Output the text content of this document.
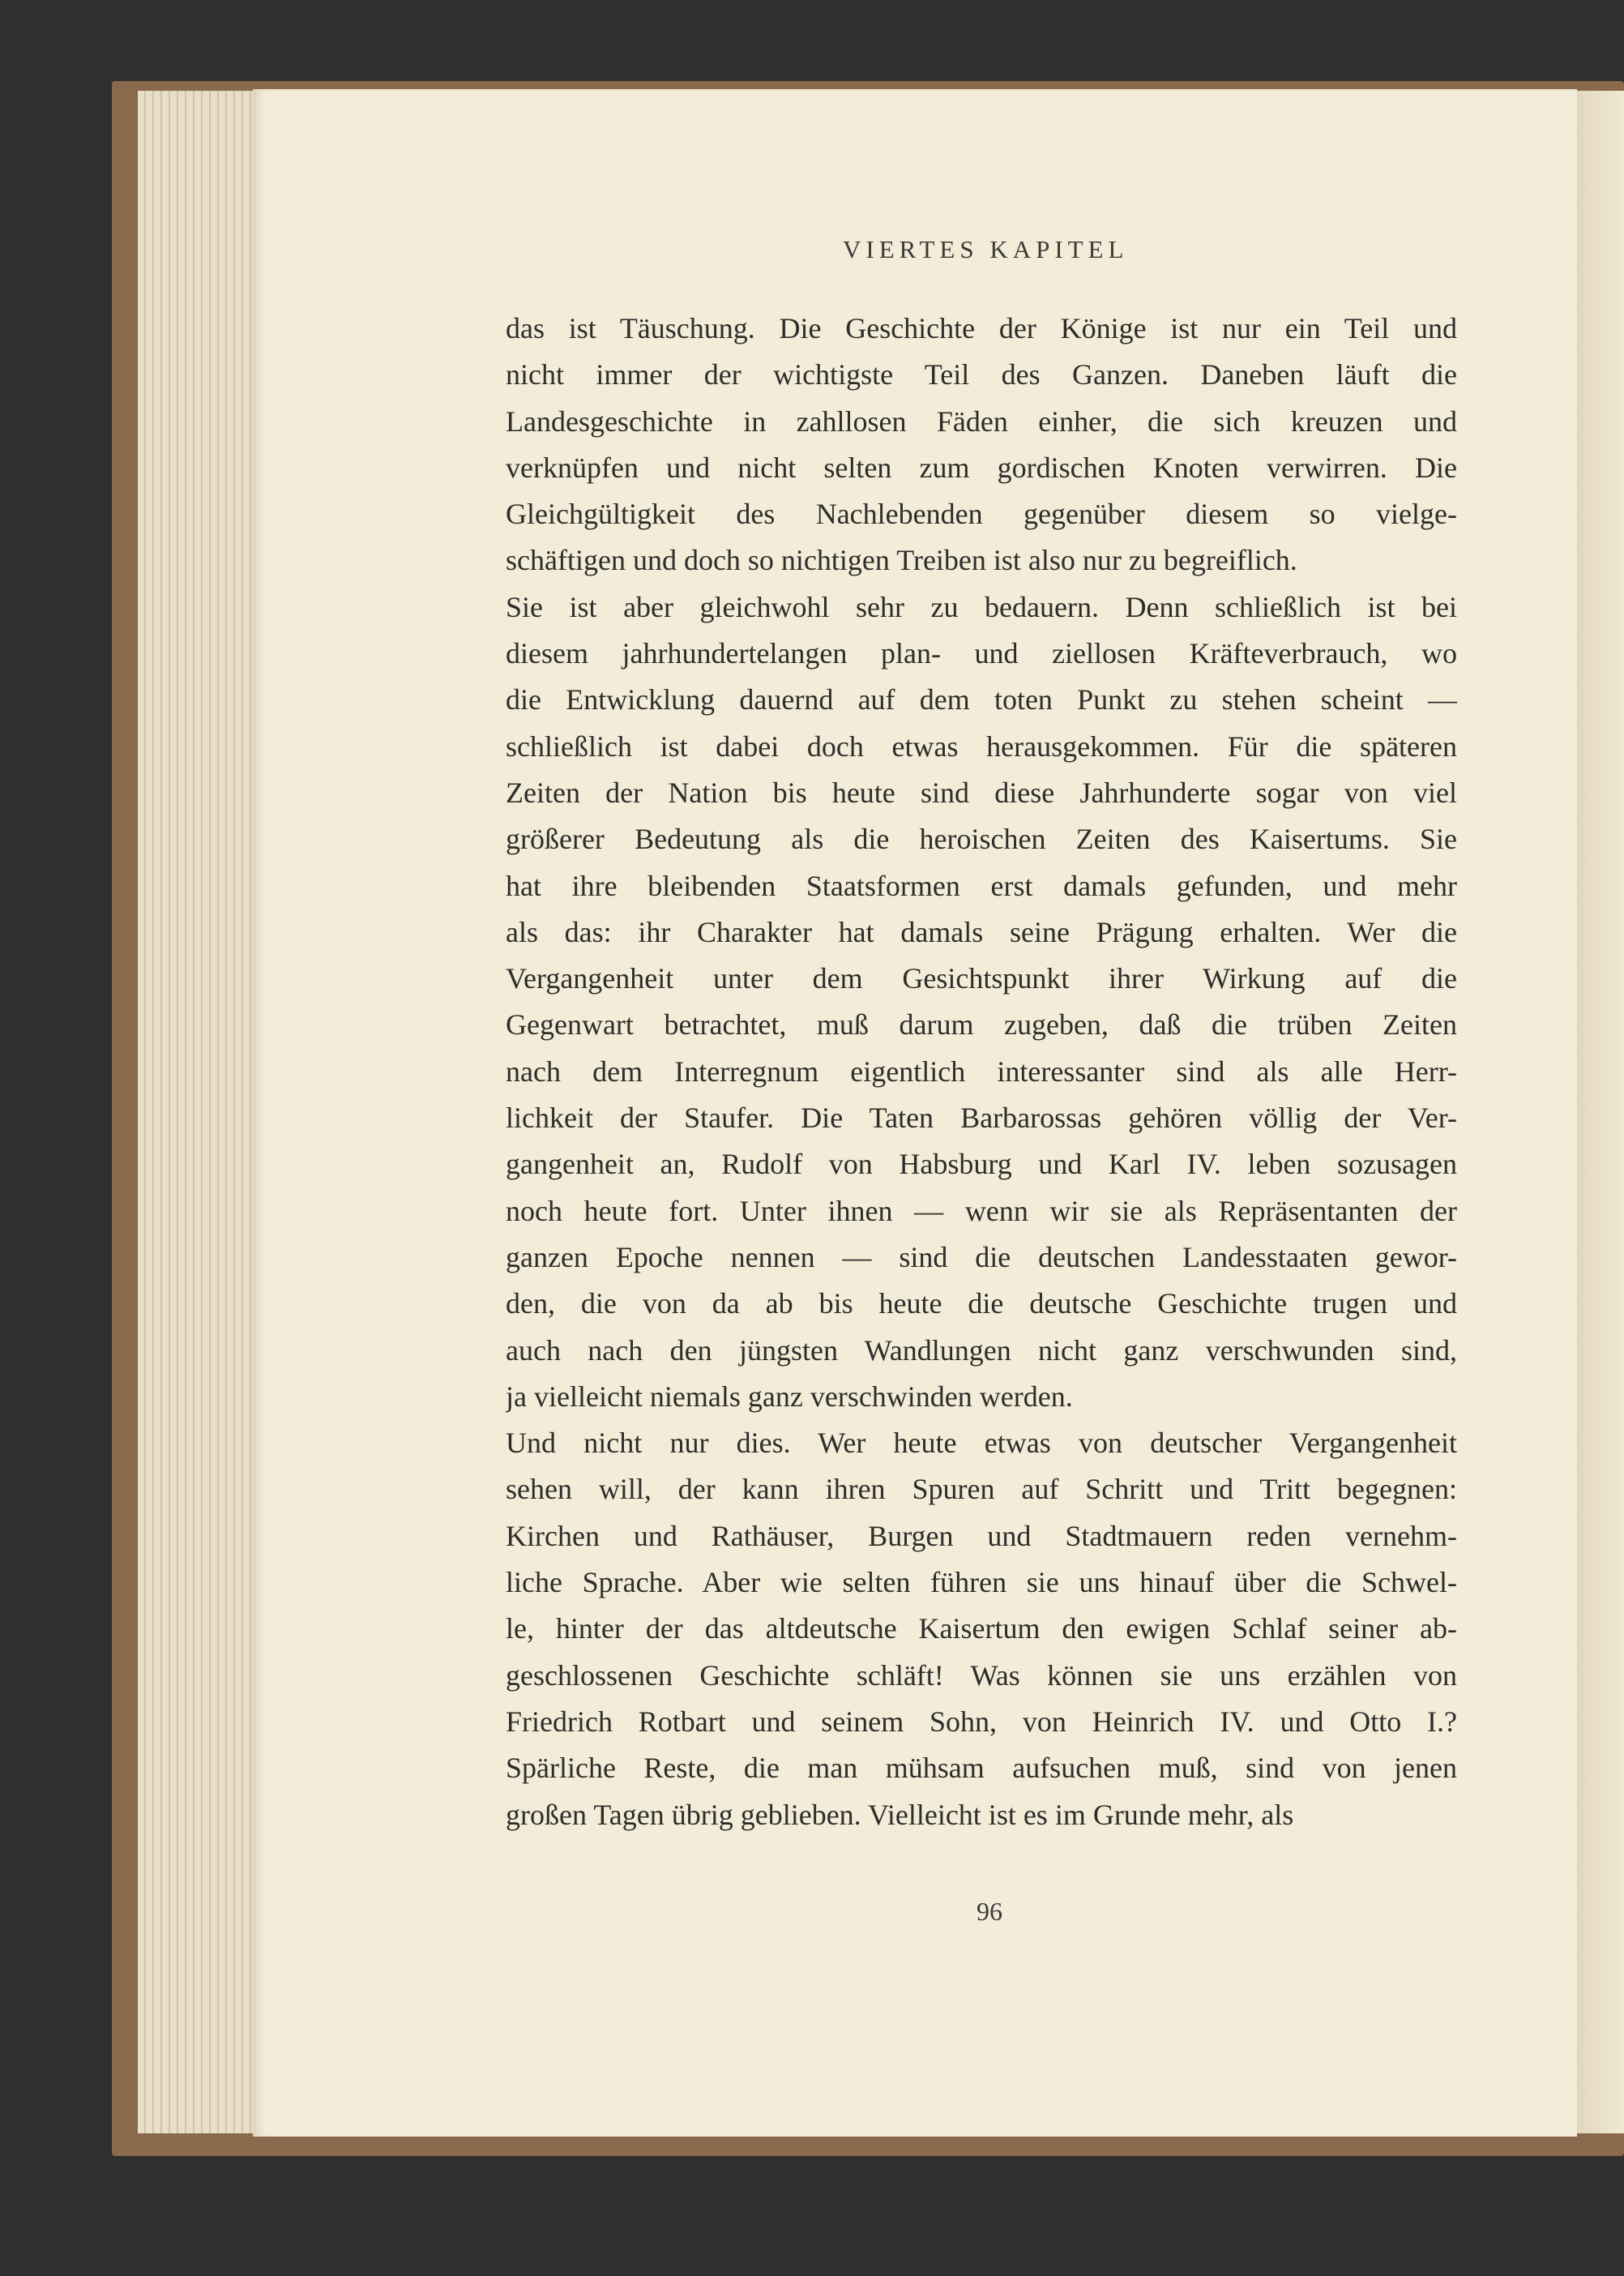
VIERTES KAPITEL
das ist Täuschung. Die Geschichte der Könige ist nur ein Teil und
nicht immer der wichtigste Teil des Ganzen. Daneben läuft die
Landesgeschichte in zahllosen Fäden einher, die sich kreuzen und
verknüpfen und nicht selten zum gordischen Knoten verwirren. Die
Gleichgültigkeit des Nachlebenden gegenüber diesem so vielge-
schäftigen und doch so nichtigen Treiben ist also nur zu begreiflich.
Sie ist aber gleichwohl sehr zu bedauern. Denn schließlich ist bei
diesem jahrhundertelangen plan- und ziellosen Kräfteverbrauch, wo
die Entwicklung dauernd auf dem toten Punkt zu stehen scheint —
schließlich ist dabei doch etwas herausgekommen. Für die späteren
Zeiten der Nation bis heute sind diese Jahrhunderte sogar von viel
größerer Bedeutung als die heroischen Zeiten des Kaisertums. Sie
hat ihre bleibenden Staatsformen erst damals gefunden, und mehr
als das: ihr Charakter hat damals seine Prägung erhalten. Wer die
Vergangenheit unter dem Gesichtspunkt ihrer Wirkung auf die
Gegenwart betrachtet, muß darum zugeben, daß die trüben Zeiten
nach dem Interregnum eigentlich interessanter sind als alle Herr-
lichkeit der Staufer. Die Taten Barbarossas gehören völlig der Ver-
gangenheit an, Rudolf von Habsburg und Karl IV. leben sozusagen
noch heute fort. Unter ihnen — wenn wir sie als Repräsentanten der
ganzen Epoche nennen — sind die deutschen Landesstaaten gewor-
den, die von da ab bis heute die deutsche Geschichte trugen und
auch nach den jüngsten Wandlungen nicht ganz verschwunden sind,
ja vielleicht niemals ganz verschwinden werden.
Und nicht nur dies. Wer heute etwas von deutscher Vergangenheit
sehen will, der kann ihren Spuren auf Schritt und Tritt begegnen:
Kirchen und Rathäuser, Burgen und Stadtmauern reden vernehm-
liche Sprache. Aber wie selten führen sie uns hinauf über die Schwel-
le, hinter der das altdeutsche Kaisertum den ewigen Schlaf seiner ab-
geschlossenen Geschichte schläft! Was können sie uns erzählen von
Friedrich Rotbart und seinem Sohn, von Heinrich IV. und Otto I.?
Spärliche Reste, die man mühsam aufsuchen muß, sind von jenen
großen Tagen übrig geblieben. Vielleicht ist es im Grunde mehr, als
96
